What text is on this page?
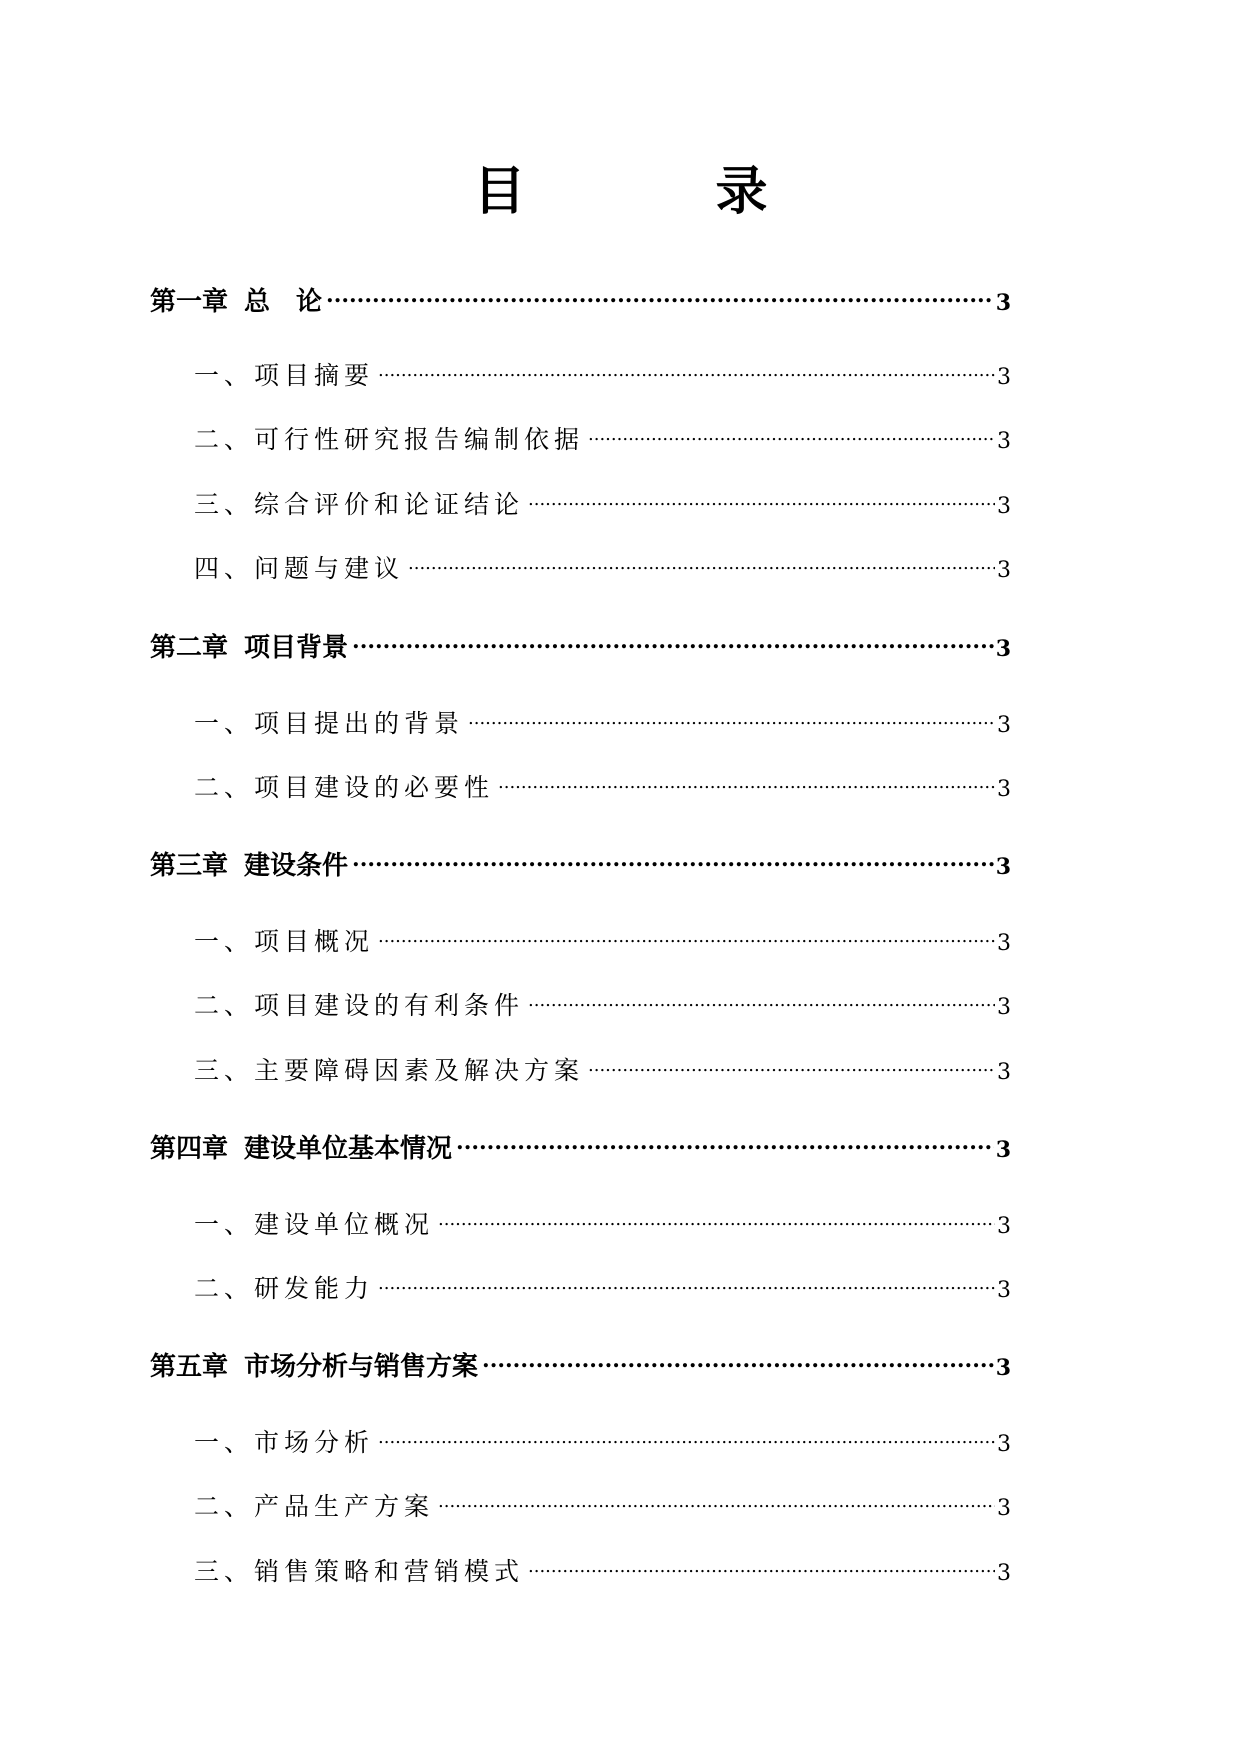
目	录
第一章 总　论 .....	3
一、项目摘要 .....	3
二、可行性研究报告编制依据 .....	3
三、综合评价和论证结论 .....	3
四、问题与建议 .....	3
第二章 项目背景 .....	3
一、项目提出的背景 .....	3
二、项目建设的必要性 .....	3
第三章 建设条件 .....	3
一、项目概况 .....	3
二、项目建设的有利条件 .....	3
三、主要障碍因素及解决方案 .....	3
第四章 建设单位基本情况 .....	3
一、建设单位概况 .....	3
二、研发能力 .....	3
第五章 市场分析与销售方案 .....	3
一、市场分析 .....	3
二、产品生产方案 .....	3
三、销售策略和营销模式 .....	3
